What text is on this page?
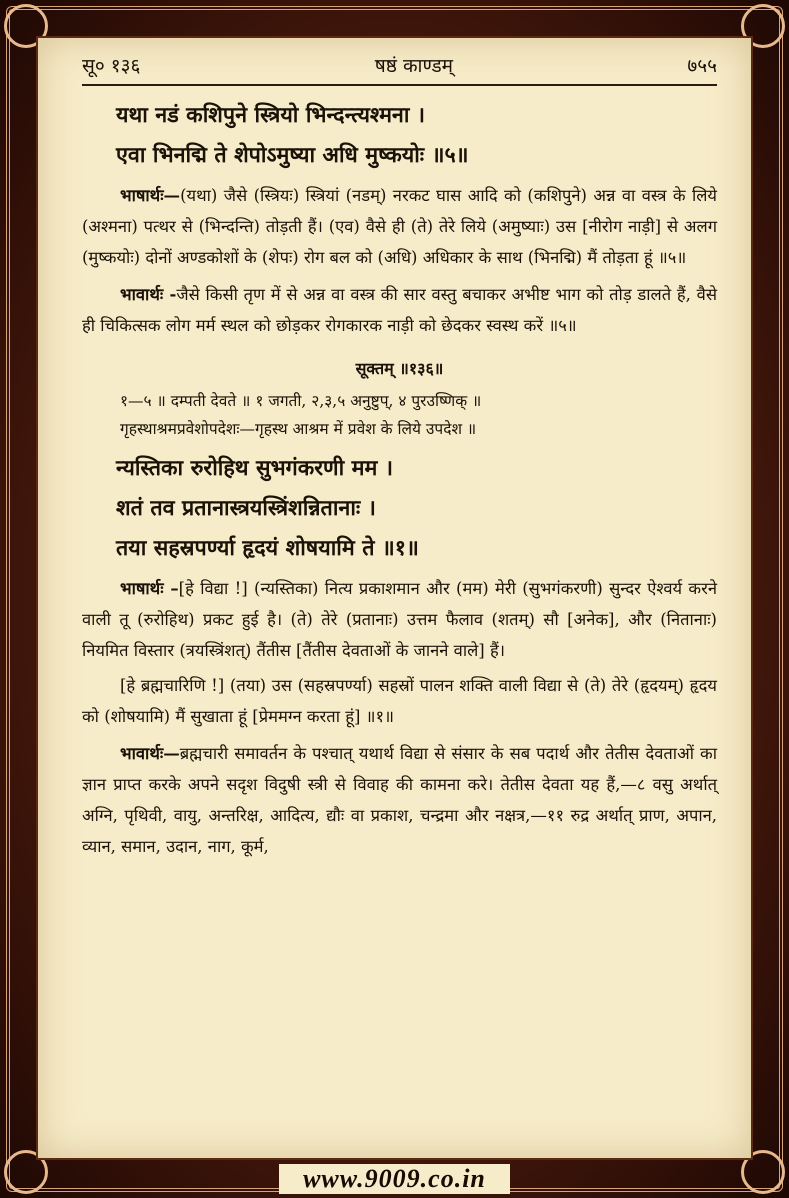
सू० १३६	षष्ठं काण्डम्	७५५
यथा नडं कशिपुने स्त्रियो भिन्दन्त्यश्मना ।
एवा भिनद्मि ते शेपोऽमुष्या अधि मुष्कयोः ॥५॥

भाषार्थः—(यथा) जैसे (स्त्रियः) स्त्रियां (नडम्) नरकट घास आदि को (कशिपुने) अन्न वा वस्त्र के लिये (अश्मना) पत्थर से (भिन्दन्ति) तोड़ती हैं। (एव) वैसे ही (ते) तेरे लिये (अमुष्याः) उस [नीरोग नाड़ी] से अलग (मुष्कयोः) दोनों अण्डकोशों के (शेपः) रोग बल को (अधि) अधिकार के साथ (भिनद्मि) मैं तोड़ता हूं ॥५॥

भावार्थः -जैसे किसी तृण में से अन्न वा वस्त्र की सार वस्तु बचाकर अभीष्ट भाग को तोड़ डालते हैं, वैसे ही चिकित्सक लोग मर्म स्थल को छोड़कर रोगकारक नाड़ी को छेदकर स्वस्थ करें ॥५॥

सूक्तम् ॥१३६॥
१—५ ॥ दम्पती देवते ॥ १ जगती, २,३,५ अनुष्टुप्, ४ पुरउष्णिक् ॥
गृहस्थाश्रमप्रवेशोपदेशः—गृहस्थ आश्रम में प्रवेश के लिये उपदेश ॥
न्यस्तिका रुरोहिथ सुभगंकरणी मम ।
शतं तव प्रतानास्त्रयस्त्रिंशन्नितानाः ।
तया सहस्रपर्ण्या हृदयं शोषयामि ते ॥१॥

भाषार्थः –[हे विद्या !] (न्यस्तिका) नित्य प्रकाशमान और (मम) मेरी (सुभगंकरणी) सुन्दर ऐश्वर्य करने वाली तू (रुरोहिथ) प्रकट हुई है। (ते) तेरे (प्रतानाः) उत्तम फैलाव (शतम्) सौ [अनेक], और (नितानाः) नियमित विस्तार (त्रयस्त्रिंशत्) तैंतीस [तैंतीस देवताओं के जानने वाले] हैं।

[हे ब्रह्मचारिणि !] (तया) उस (सहस्रपर्ण्या) सहस्रों पालन शक्ति वाली विद्या से (ते) तेरे (हृदयम्) हृदय को (शोषयामि) मैं सुखाता हूं [प्रेममग्न करता हूं] ॥१॥

भावार्थः—ब्रह्मचारी समावर्तन के पश्चात् यथार्थ विद्या से संसार के सब पदार्थ और तेतीस देवताओं का ज्ञान प्राप्त करके अपने सदृश विदुषी स्त्री से विवाह की कामना करे। तेतीस देवता यह हैं,—८ वसु अर्थात् अग्नि, पृथिवी, वायु, अन्तरिक्ष, आदित्य, द्यौः वा प्रकाश, चन्द्रमा और नक्षत्र,—११ रुद्र अर्थात् प्राण, अपान, व्यान, समान, उदान, नाग, कूर्म,

www.9009.co.in
